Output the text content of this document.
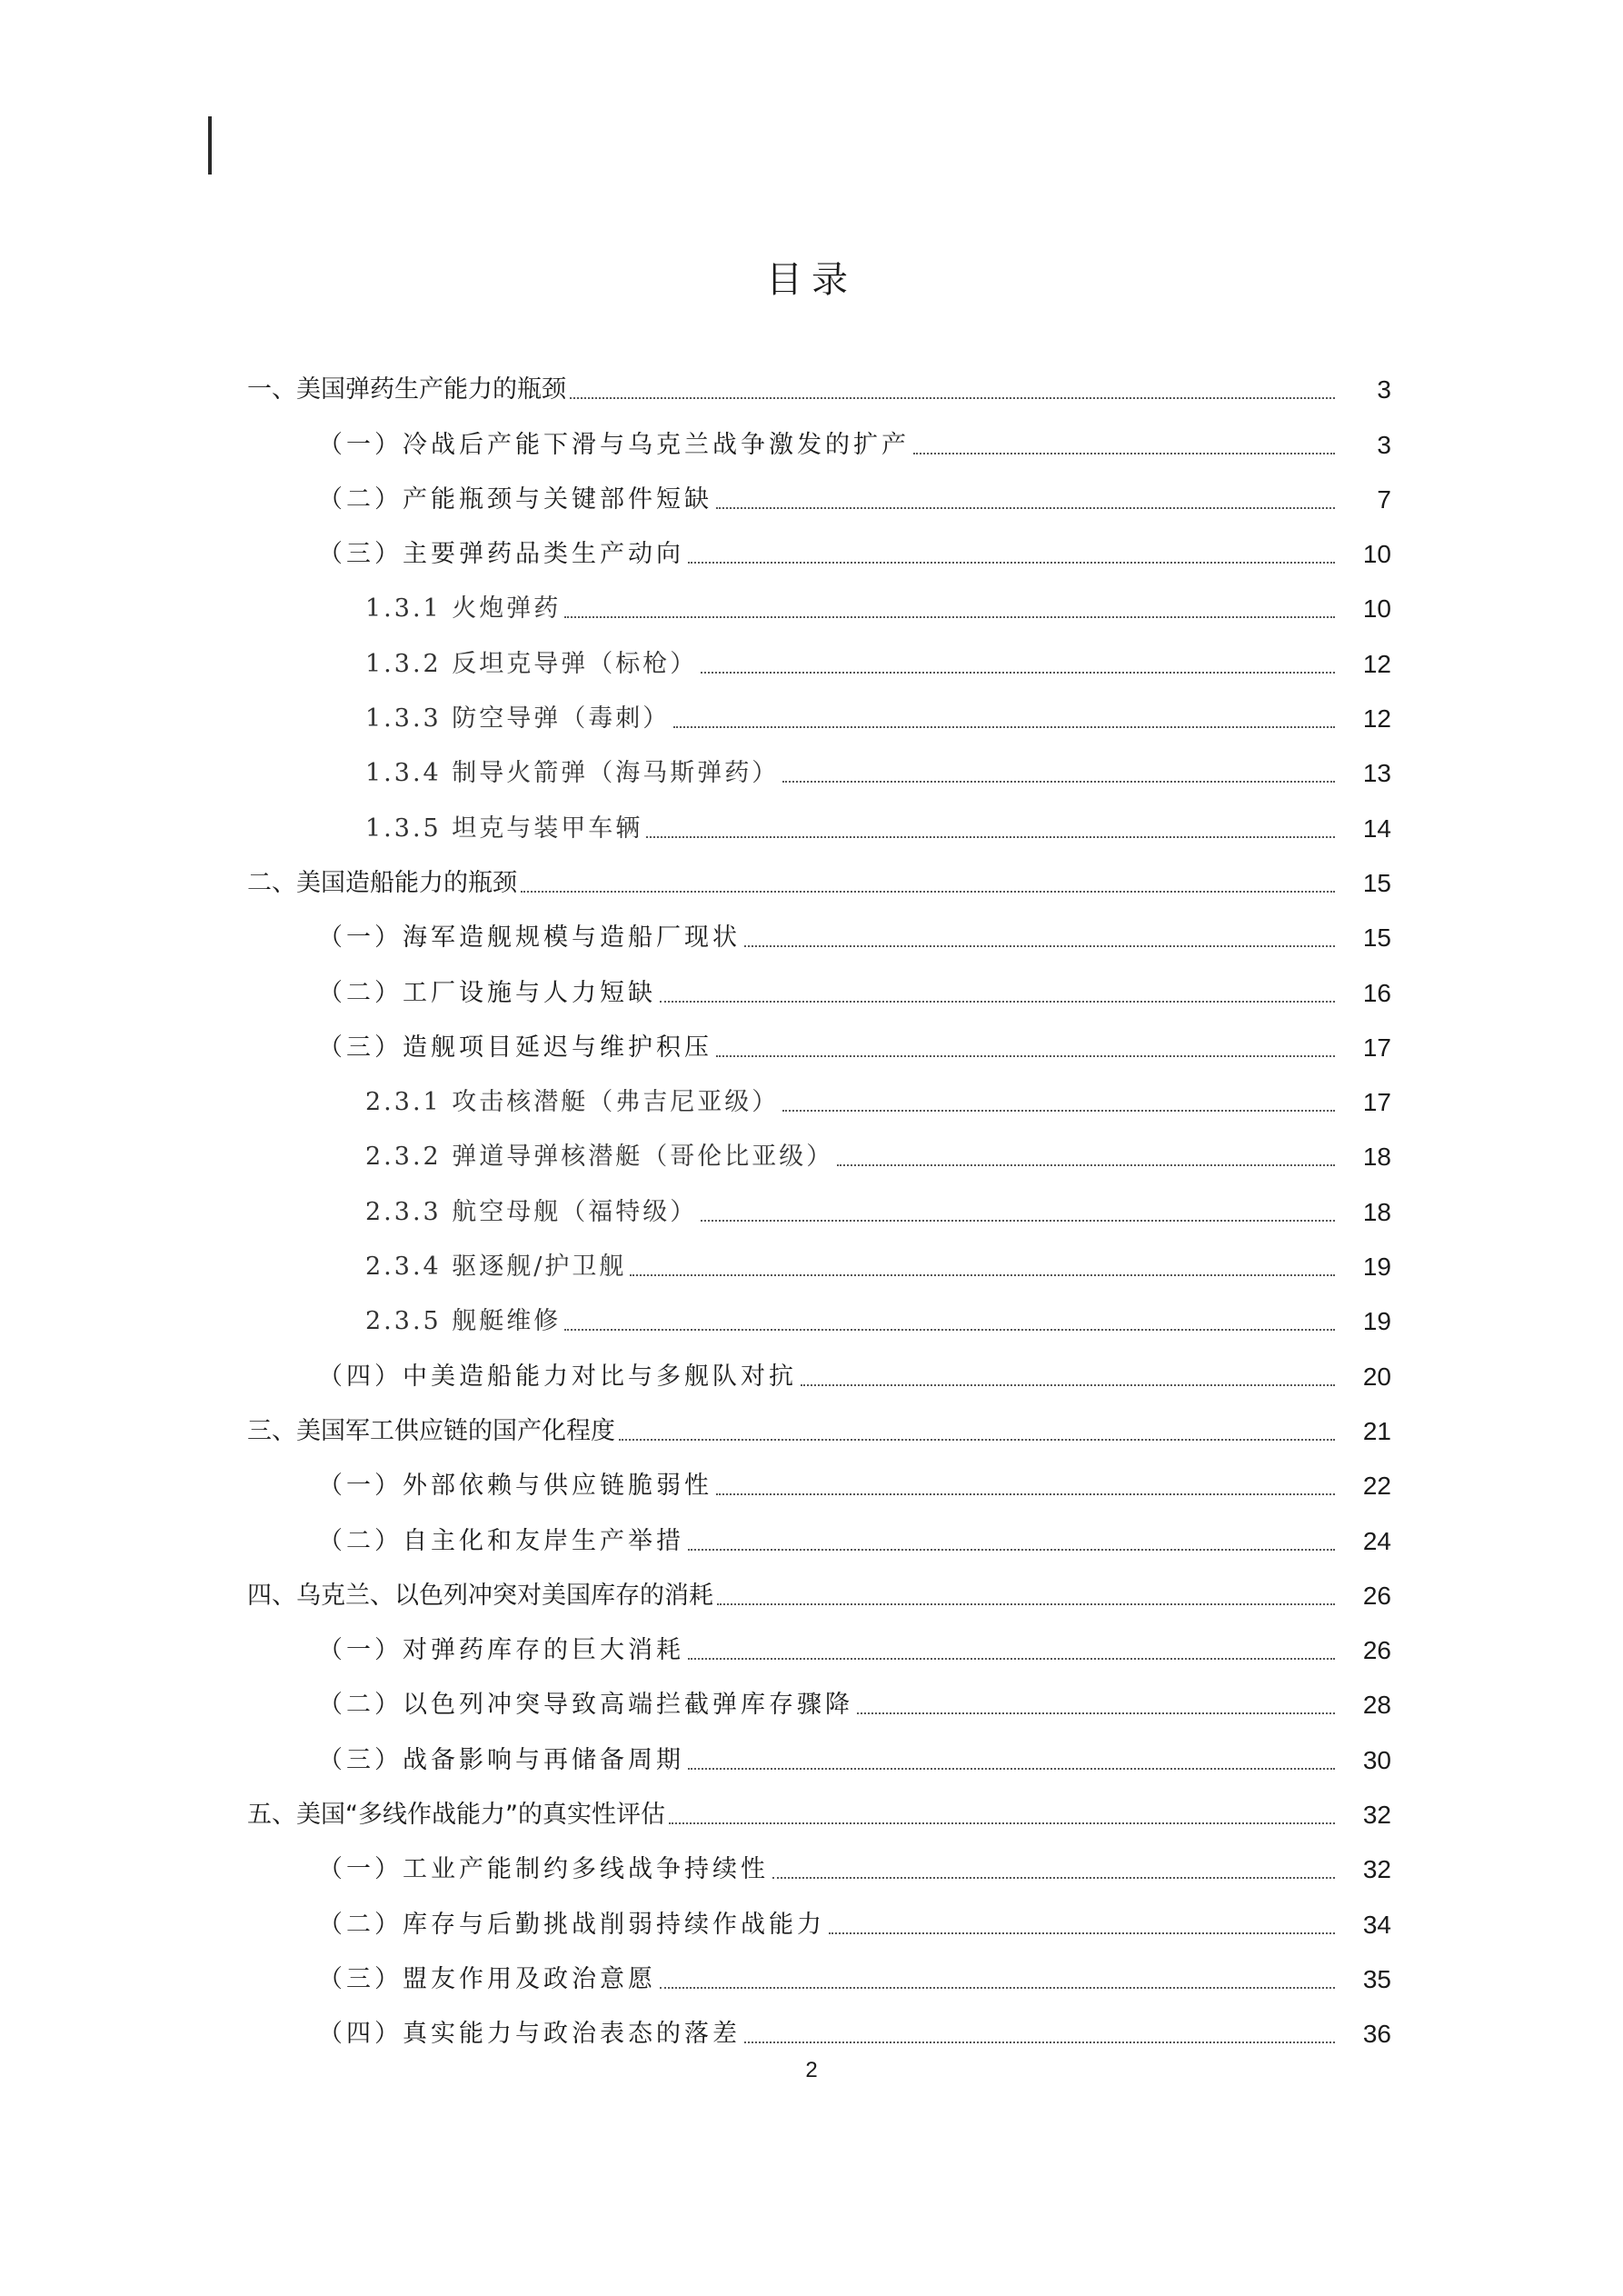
目录
一、美国弹药生产能力的瓶颈	3
（一）冷战后产能下滑与乌克兰战争激发的扩产	3
（二）产能瓶颈与关键部件短缺	7
（三）主要弹药品类生产动向	10
1.3.1 火炮弹药	10
1.3.2 反坦克导弹（标枪）	12
1.3.3 防空导弹（毒刺）	12
1.3.4 制导火箭弹（海马斯弹药）	13
1.3.5 坦克与装甲车辆	14
二、美国造船能力的瓶颈	15
（一）海军造舰规模与造船厂现状	15
（二）工厂设施与人力短缺	16
（三）造舰项目延迟与维护积压	17
2.3.1 攻击核潜艇（弗吉尼亚级）	17
2.3.2 弹道导弹核潜艇（哥伦比亚级）	18
2.3.3 航空母舰（福特级）	18
2.3.4 驱逐舰/护卫舰	19
2.3.5 舰艇维修	19
（四）中美造船能力对比与多舰队对抗	20
三、美国军工供应链的国产化程度	21
（一）外部依赖与供应链脆弱性	22
（二）自主化和友岸生产举措	24
四、乌克兰、以色列冲突对美国库存的消耗	26
（一）对弹药库存的巨大消耗	26
（二）以色列冲突导致高端拦截弹库存骤降	28
（三）战备影响与再储备周期	30
五、美国“多线作战能力”的真实性评估	32
（一）工业产能制约多线战争持续性	32
（二）库存与后勤挑战削弱持续作战能力	34
（三）盟友作用及政治意愿	35
（四）真实能力与政治表态的落差	36
2
